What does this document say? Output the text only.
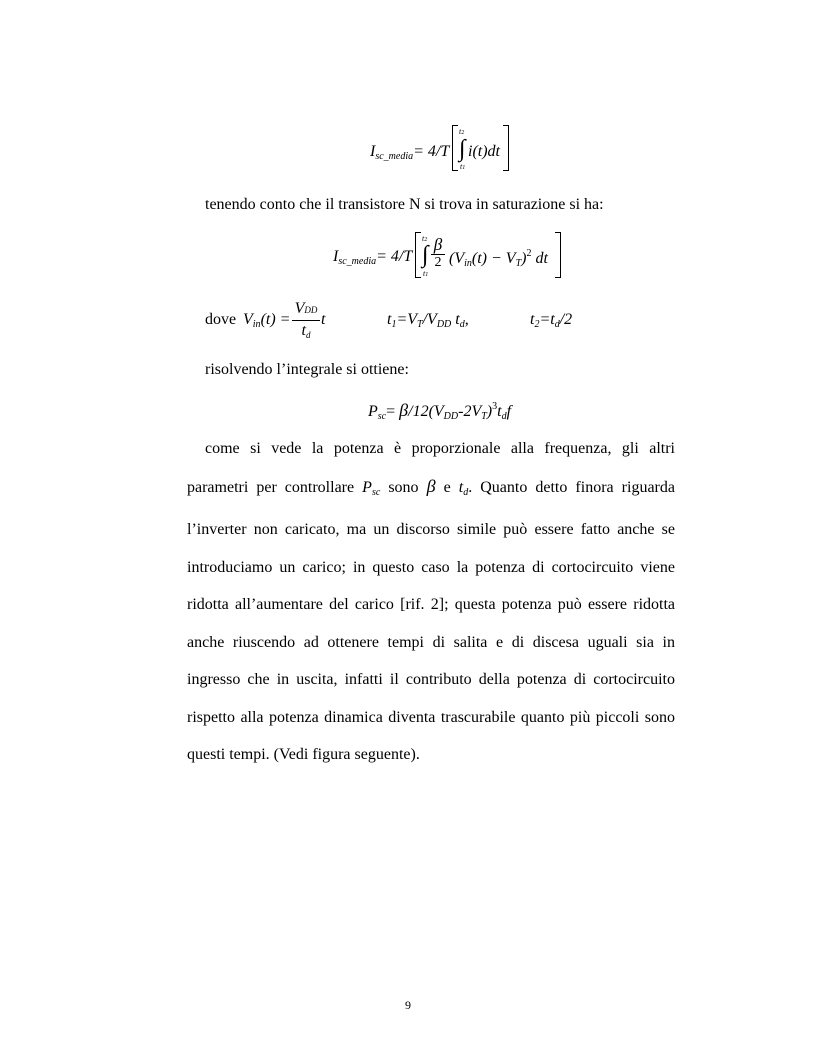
$I_{sc\_media}= 4/T$
t2
∫
t1
i(t)dt
tenendo conto che il transistore N si trova in saturazione si ha:
$I_{sc\_media}= 4/T$
t2
∫
t1
β
2 $(V_{in}(t) - V_T)^2$ dt
dove $V_{in}(t)$ =
VDD
td
t	$t_1=V_T/V_{DD}$ $t_d$,	$t_2=t_d/2$
risolvendo l’integrale si ottiene:
$P_{sc}= \beta/12(V_{DD}-2V_T)^3t_df$
come si vede la potenza è proporzionale alla frequenza, gli altri parametri per controllare $P_{sc}$ sono β e $t_d$. Quanto detto finora riguarda l’inverter non caricato, ma un discorso simile può essere fatto anche se introduciamo un carico; in questo caso la potenza di cortocircuito viene ridotta all’aumentare del carico [rif. 2]; questa potenza può essere ridotta anche riuscendo ad ottenere tempi di salita e di discesa uguali sia in ingresso che in uscita, infatti il contributo della potenza di cortocircuito rispetto alla potenza dinamica diventa trascurabile quanto più piccoli sono questi tempi. (Vedi figura seguente).
9
